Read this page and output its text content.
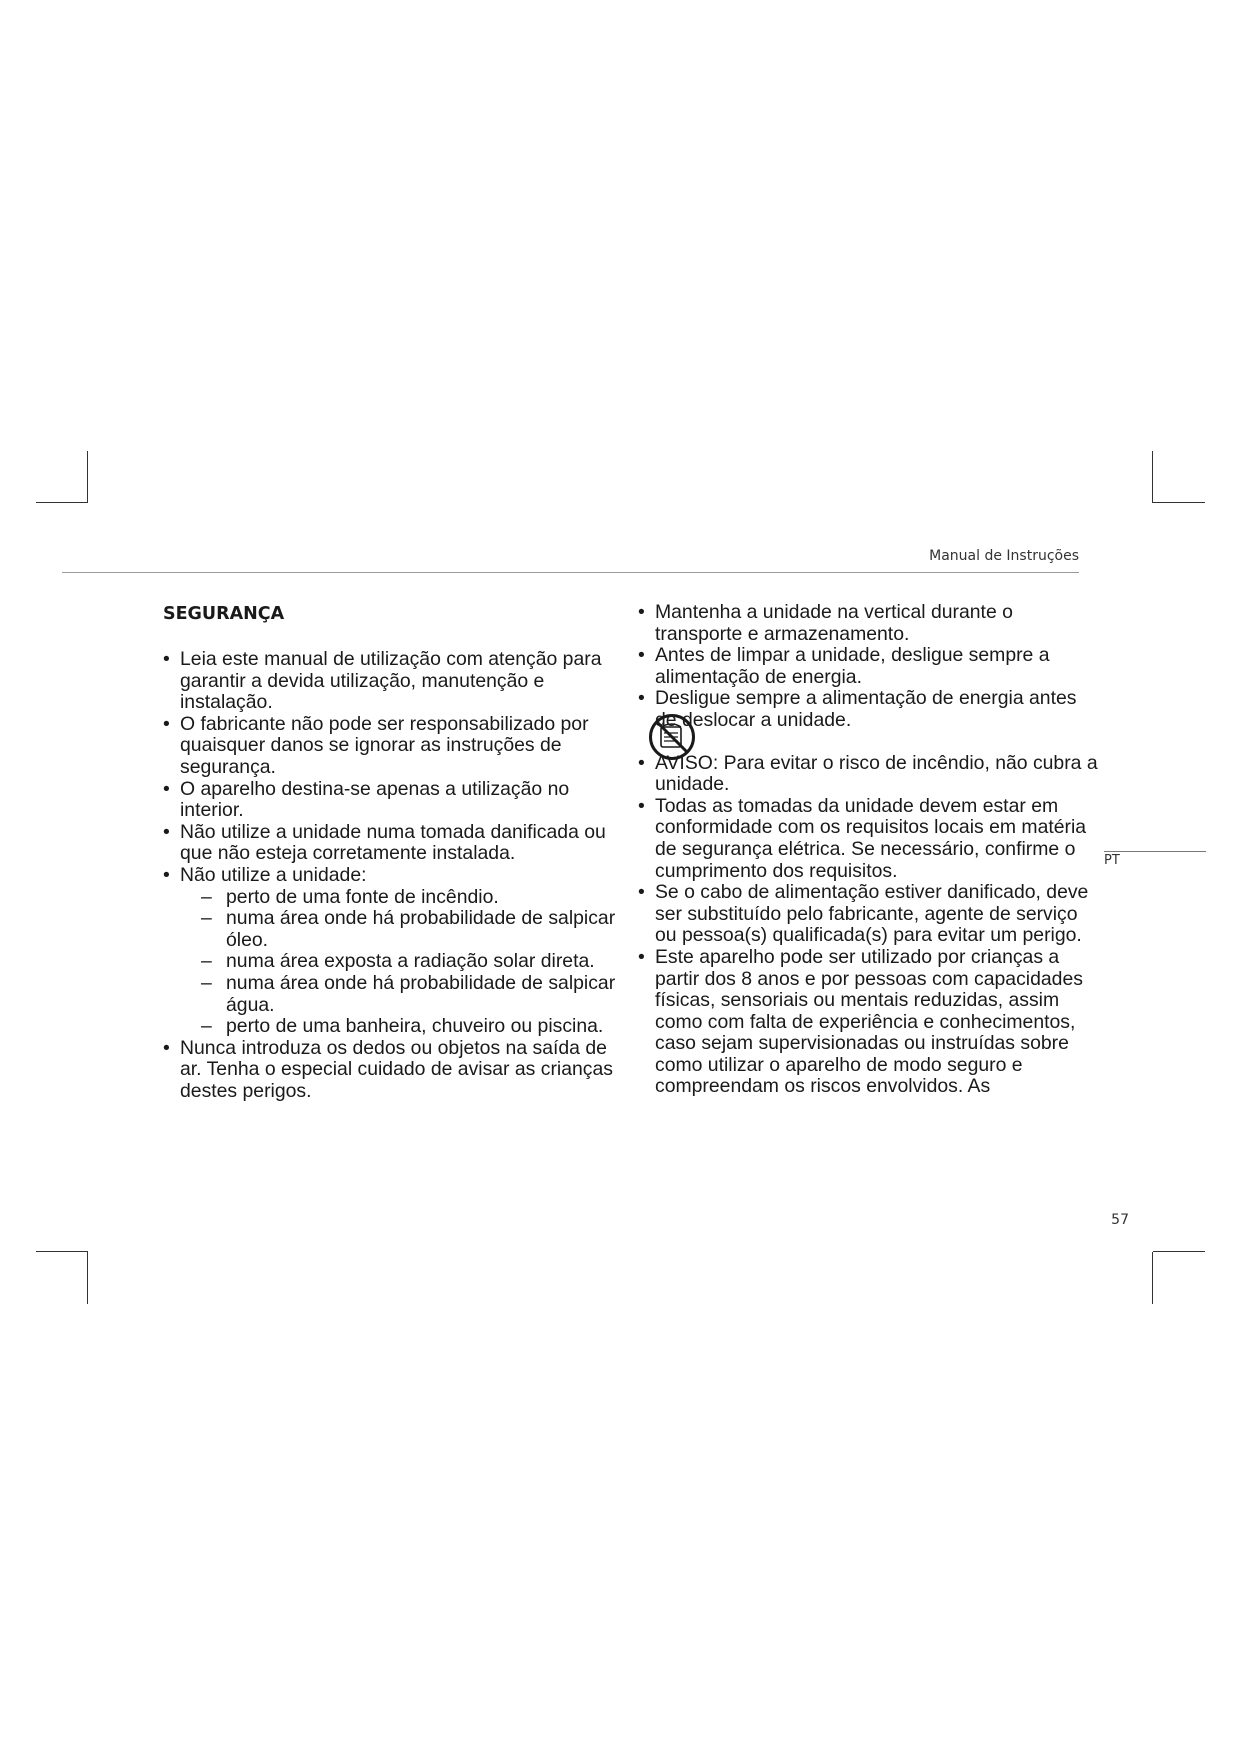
Manual de Instruções
PT
SEGURANÇA
• Leia este manual de utilização com atenção para garantir a devida utilização, manutenção e instalação.
• O fabricante não pode ser responsabilizado por quaisquer danos se ignorar as instruções de segurança.
• O aparelho destina-se apenas a utilização no interior.
• Não utilize a unidade numa tomada danificada ou que não esteja corretamente instalada.
• Não utilize a unidade:
– perto de uma fonte de incêndio.
– numa área onde há probabilidade de salpicar óleo.
– numa área exposta a radiação solar direta.
– numa área onde há probabilidade de salpicar água.
– perto de uma banheira, chuveiro ou piscina.
• Nunca introduza os dedos ou objetos na saída de ar. Tenha o especial cuidado de avisar as crianças destes perigos.
• Mantenha a unidade na vertical durante o transporte e armazenamento.
• Antes de limpar a unidade, desligue sempre a alimentação de energia.
• Desligue sempre a alimentação de energia antes de deslocar a unidade.
• AVISO: Para evitar o risco de incêndio, não cubra a unidade.
• Todas as tomadas da unidade devem estar em conformidade com os requisitos locais em matéria de segurança elétrica. Se necessário, confirme o cumprimento dos requisitos.
• Se o cabo de alimentação estiver danificado, deve ser substituído pelo fabricante, agente de serviço ou pessoa(s) qualificada(s) para evitar um perigo.
• Este aparelho pode ser utilizado por crianças a partir dos 8 anos e por pessoas com capacidades físicas, sensoriais ou mentais reduzidas, assim como com falta de experiência e conhecimentos, caso sejam supervisionadas ou instruídas sobre como utilizar o aparelho de modo seguro e compreendam os riscos envolvidos. As
57
